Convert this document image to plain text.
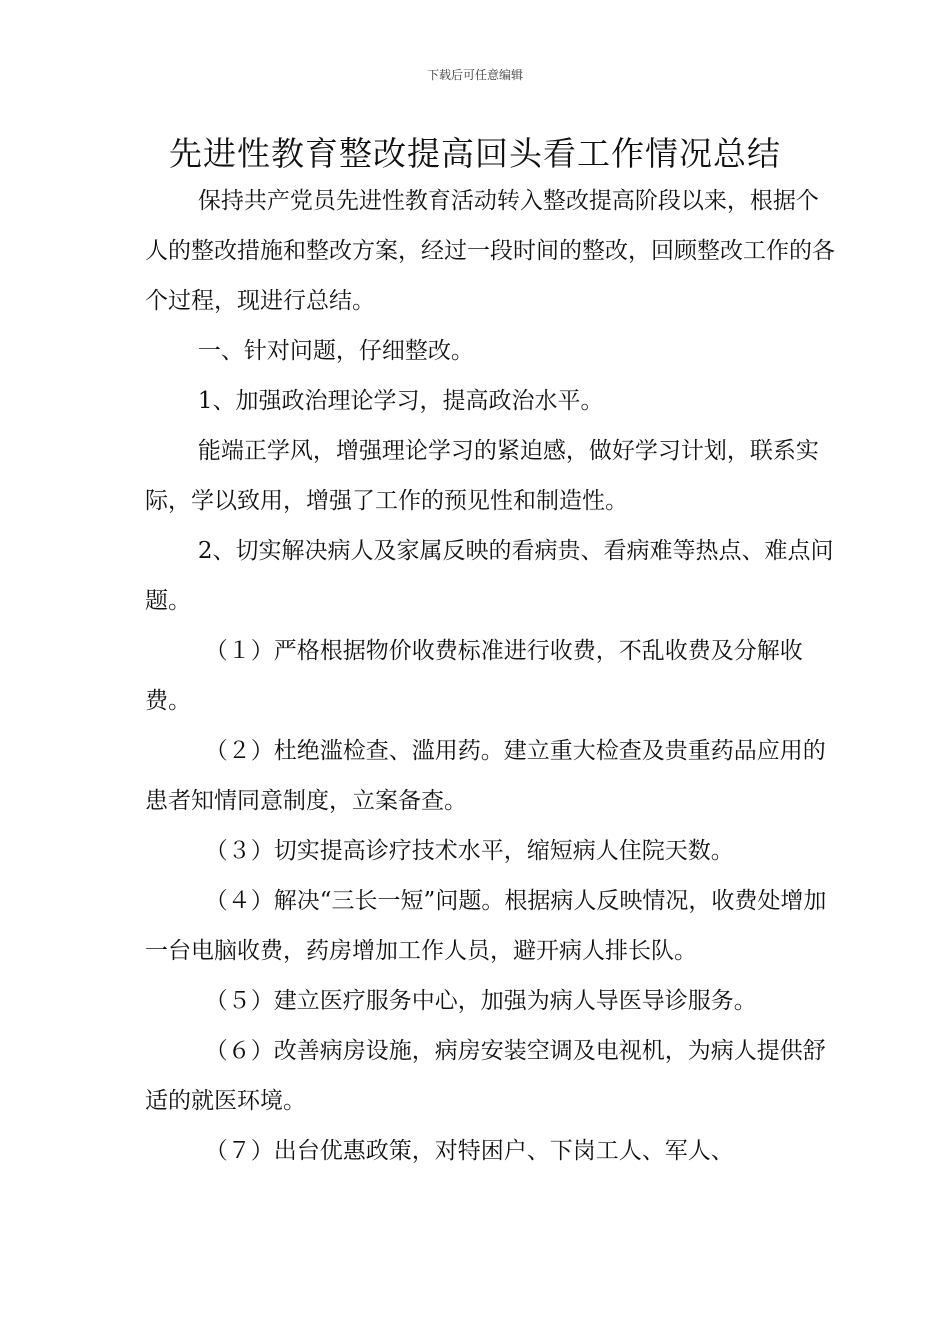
下载后可任意编辑
先进性教育整改提高回头看工作情况总结

保持共产党员先进性教育活动转入整改提高阶段以来，根据个人的整改措施和整改方案，经过一段时间的整改，回顾整改工作的各个过程，现进行总结。

一、针对问题，仔细整改。

1、加强政治理论学习，提高政治水平。

能端正学风，增强理论学习的紧迫感，做好学习计划，联系实际，学以致用，增强了工作的预见性和制造性。

2、切实解决病人及家属反映的看病贵、看病难等热点、难点问题。

（１）严格根据物价收费标准进行收费，不乱收费及分解收费。

（２）杜绝滥检查、滥用药。建立重大检查及贵重药品应用的患者知情同意制度，立案备查。

（３）切实提高诊疗技术水平，缩短病人住院天数。

（４）解决“三长一短”问题。根据病人反映情况，收费处增加一台电脑收费，药房增加工作人员，避开病人排长队。

（５）建立医疗服务中心，加强为病人导医导诊服务。

（６）改善病房设施，病房安装空调及电视机，为病人提供舒适的就医环境。

（７）出台优惠政策，对特困户、下岗工人、军人、
